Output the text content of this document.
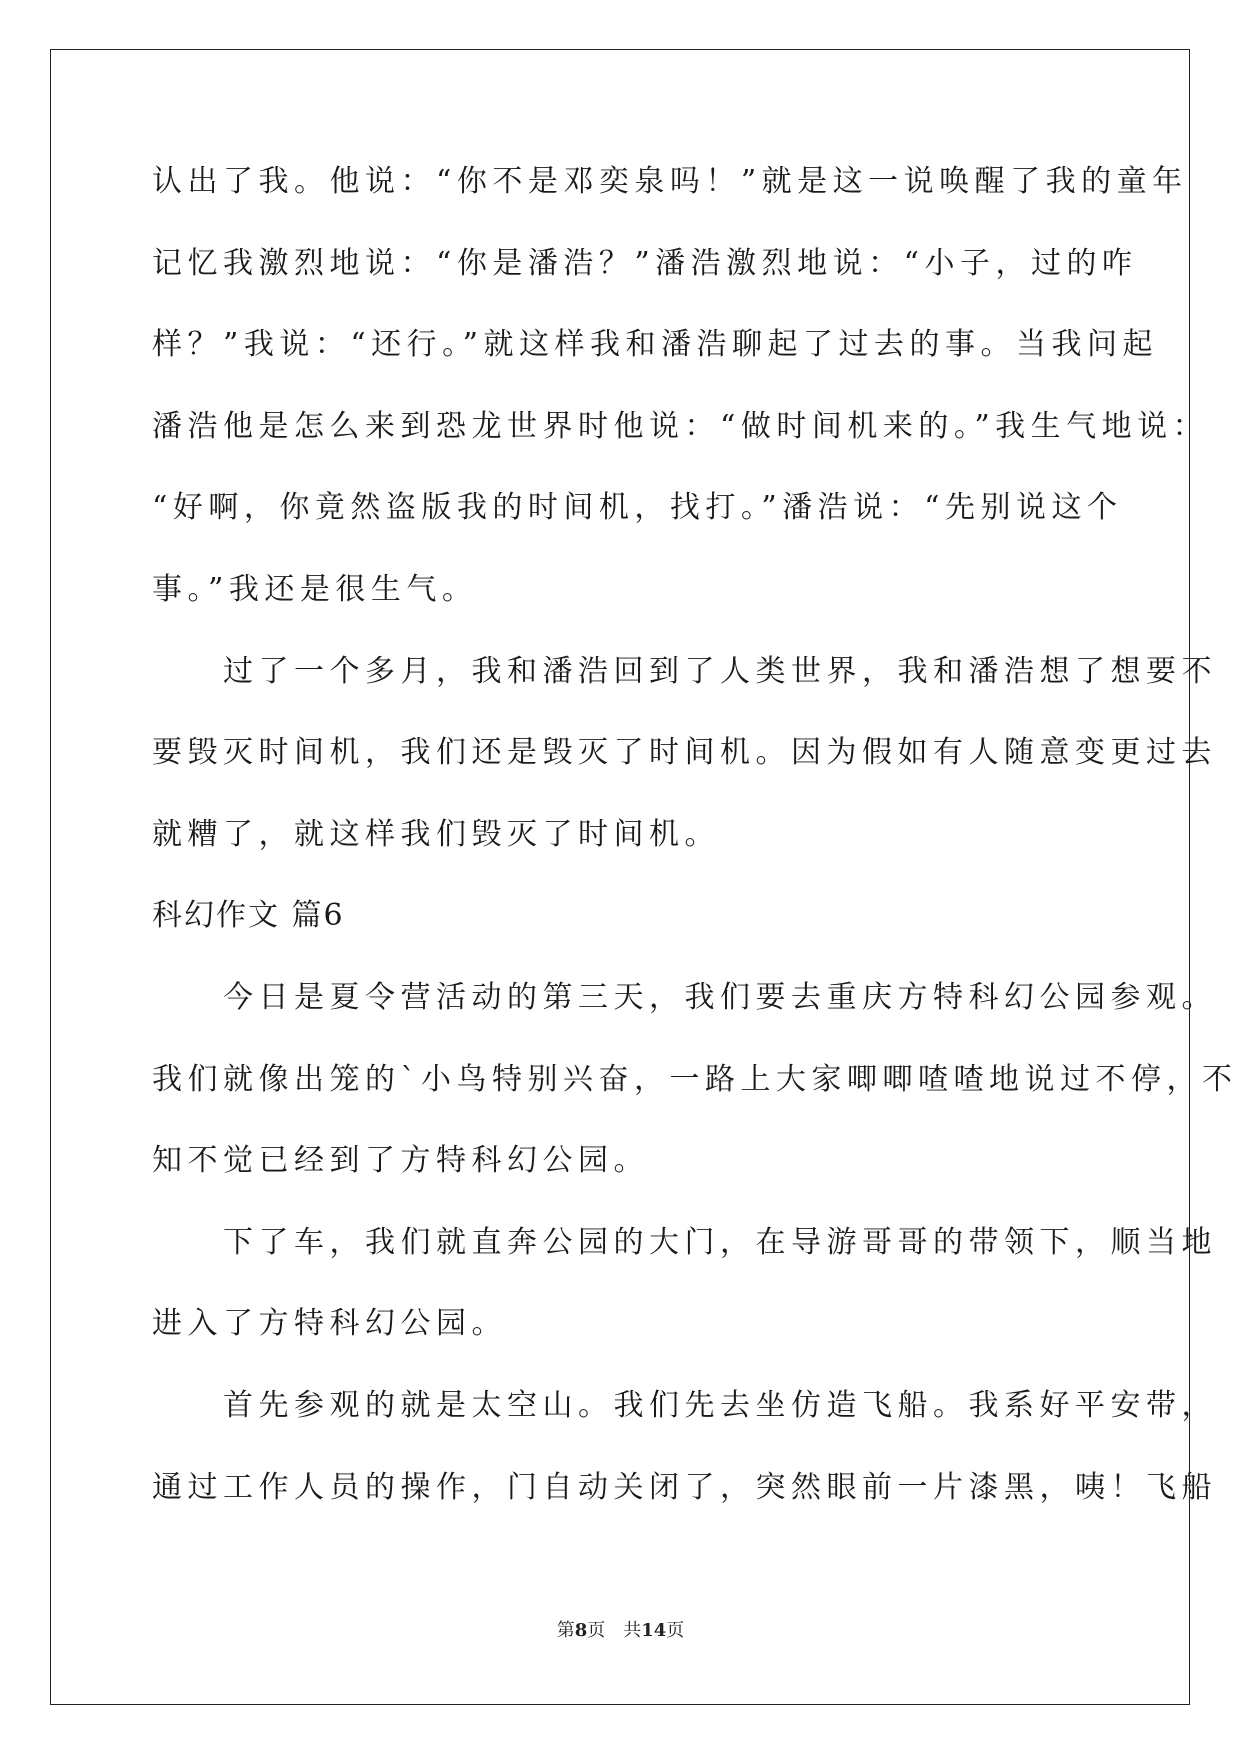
认出了我。他说：“你不是邓奕泉吗！”就是这一说唤醒了我的童年
记忆我激烈地说：“你是潘浩？”潘浩激烈地说：“小子，过的咋
样？”我说：“还行。”就这样我和潘浩聊起了过去的事。当我问起
潘浩他是怎么来到恐龙世界时他说：“做时间机来的。”我生气地说：
“好啊，你竟然盗版我的时间机，找打。”潘浩说：“先别说这个
事。”我还是很生气。
　　过了一个多月，我和潘浩回到了人类世界，我和潘浩想了想要不
要毁灭时间机，我们还是毁灭了时间机。因为假如有人随意变更过去
就糟了，就这样我们毁灭了时间机。
科幻作文 篇6
　　今日是夏令营活动的第三天，我们要去重庆方特科幻公园参观。
我们就像出笼的`小鸟特别兴奋，一路上大家唧唧喳喳地说过不停，不
知不觉已经到了方特科幻公园。
　　下了车，我们就直奔公园的大门，在导游哥哥的带领下，顺当地
进入了方特科幻公园。
　　首先参观的就是太空山。我们先去坐仿造飞船。我系好平安带，
通过工作人员的操作，门自动关闭了，突然眼前一片漆黑，咦！飞船
第8页 共14页
